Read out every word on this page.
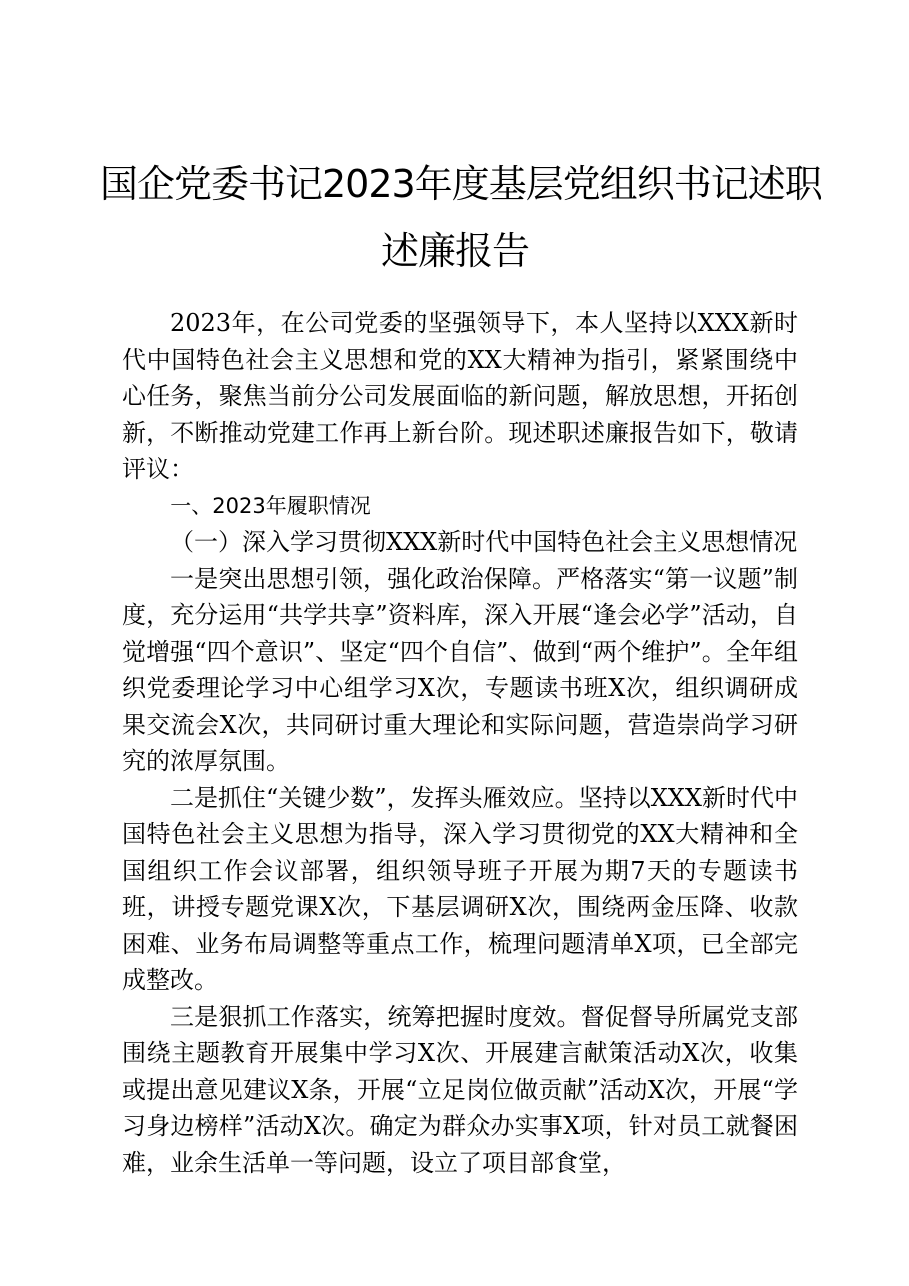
国企党委书记2023年度基层党组织书记述职
述廉报告

2023年，在公司党委的坚强领导下，本人坚持以XXX新时代中国特色社会主义思想和党的XX大精神为指引，紧紧围绕中心任务，聚焦当前分公司发展面临的新问题，解放思想，开拓创新，不断推动党建工作再上新台阶。现述职述廉报告如下，敬请评议：

一、2023年履职情况

（一）深入学习贯彻XXX新时代中国特色社会主义思想情况

一是突出思想引领，强化政治保障。严格落实“第一议题”制度，充分运用“共学共享”资料库，深入开展“逢会必学”活动，自觉增强“四个意识”、坚定“四个自信”、做到“两个维护”。全年组织党委理论学习中心组学习X次，专题读书班X次，组织调研成果交流会X次，共同研讨重大理论和实际问题，营造崇尚学习研究的浓厚氛围。

二是抓住“关键少数”，发挥头雁效应。坚持以XXX新时代中国特色社会主义思想为指导，深入学习贯彻党的XX大精神和全国组织工作会议部署，组织领导班子开展为期7天的专题读书班，讲授专题党课X次，下基层调研X次，围绕两金压降、收款困难、业务布局调整等重点工作，梳理问题清单X项，已全部完成整改。

三是狠抓工作落实，统筹把握时度效。督促督导所属党支部围绕主题教育开展集中学习X次、开展建言献策活动X次，收集或提出意见建议X条，开展“立足岗位做贡献”活动X次，开展“学习身边榜样”活动X次。确定为群众办实事X项，针对员工就餐困难，业余生活单一等问题，设立了项目部食堂，
